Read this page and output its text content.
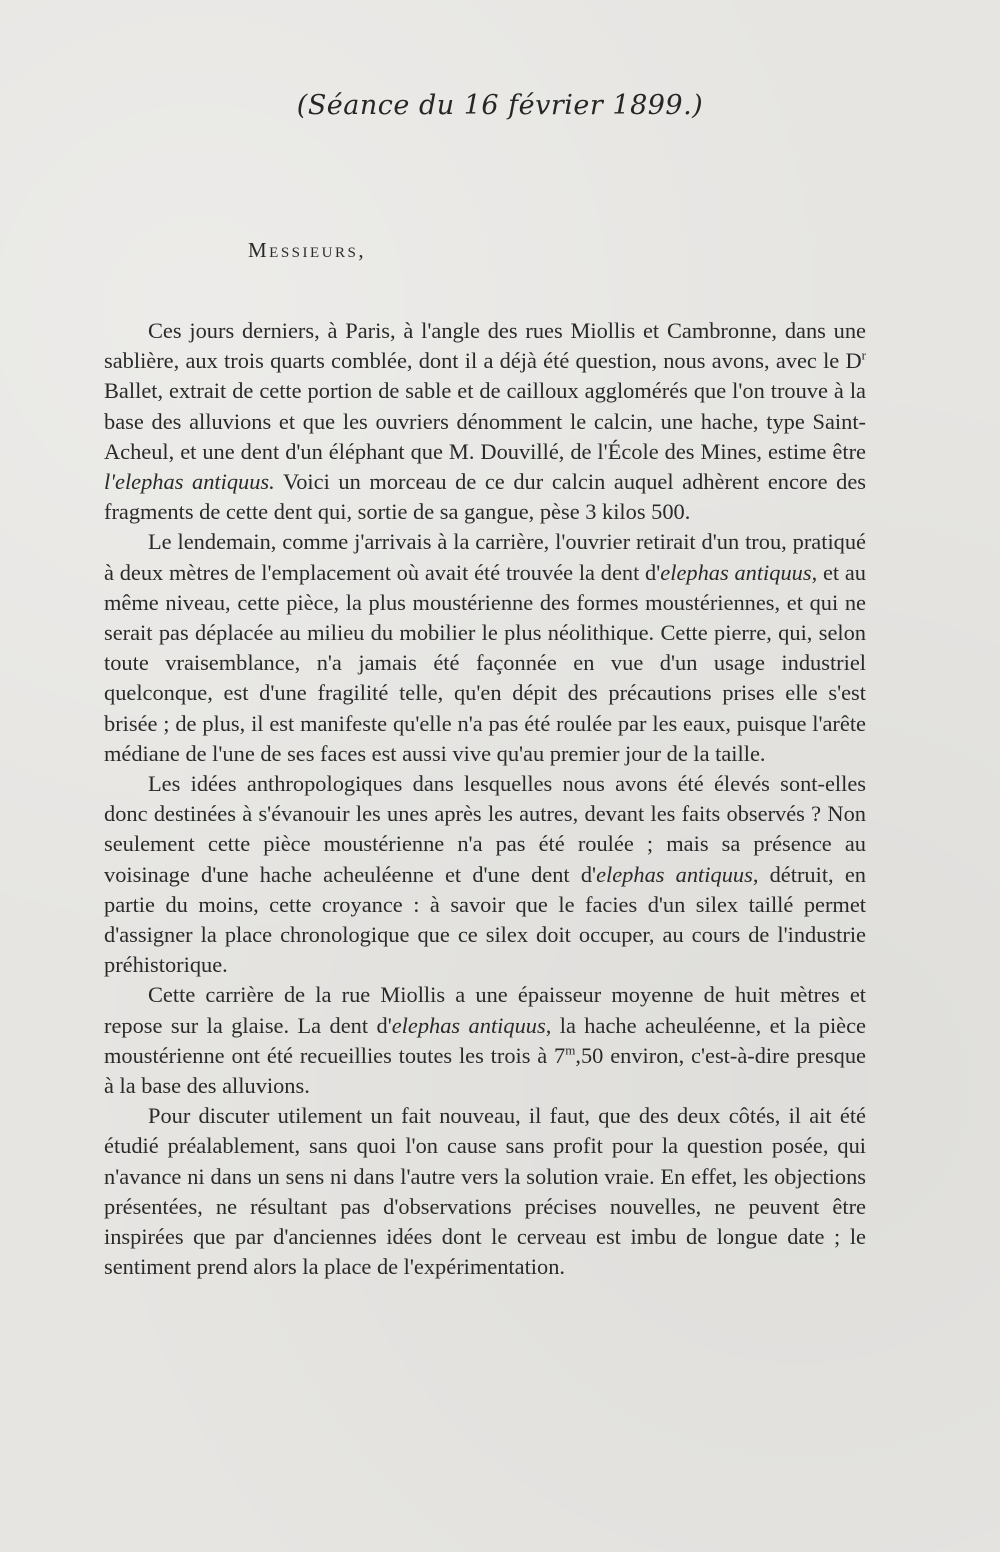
(Séance du 16 février 1899.)
Messieurs,

Ces jours derniers, à Paris, à l'angle des rues Miollis et Cambronne, dans une sablière, aux trois quarts comblée, dont il a déjà été question, nous avons, avec le $D^r$ Ballet, extrait de cette portion de sable et de cailloux agglomérés que l'on trouve à la base des alluvions et que les ouvriers dénomment le calcin, une hache, type Saint-Acheul, et une dent d'un éléphant que M. Douvillé, de l'École des Mines, estime être l'elephas antiquus. Voici un morceau de ce dur calcin auquel adhèrent encore des fragments de cette dent qui, sortie de sa gangue, pèse 3 kilos 500.

Le lendemain, comme j'arrivais à la carrière, l'ouvrier retirait d'un trou, pratiqué à deux mètres de l'emplacement où avait été trouvée la dent d'elephas antiquus, et au même niveau, cette pièce, la plus moustérienne des formes moustériennes, et qui ne serait pas déplacée au milieu du mobilier le plus néolithique. Cette pierre, qui, selon toute vraisemblance, n'a jamais été façonnée en vue d'un usage industriel quelconque, est d'une fragilité telle, qu'en dépit des précautions prises elle s'est brisée ; de plus, il est manifeste qu'elle n'a pas été roulée par les eaux, puisque l'arête médiane de l'une de ses faces est aussi vive qu'au premier jour de la taille.

Les idées anthropologiques dans lesquelles nous avons été élevés sont-elles donc destinées à s'évanouir les unes après les autres, devant les faits observés ? Non seulement cette pièce moustérienne n'a pas été roulée ; mais sa présence au voisinage d'une hache acheuléenne et d'une dent d'elephas antiquus, détruit, en partie du moins, cette croyance : à savoir que le facies d'un silex taillé permet d'assigner la place chronologique que ce silex doit occuper, au cours de l'industrie préhistorique.

Cette carrière de la rue Miollis a une épaisseur moyenne de huit mètres et repose sur la glaise. La dent d'elephas antiquus, la hache acheuléenne, et la pièce moustérienne ont été recueillies toutes les trois à 7$^m$,50 environ, c'est-à-dire presque à la base des alluvions.

Pour discuter utilement un fait nouveau, il faut, que des deux côtés, il ait été étudié préalablement, sans quoi l'on cause sans profit pour la question posée, qui n'avance ni dans un sens ni dans l'autre vers la solution vraie. En effet, les objections présentées, ne résultant pas d'observations précises nouvelles, ne peuvent être inspirées que par d'anciennes idées dont le cerveau est imbu de longue date ; le sentiment prend alors la place de l'expérimentation.
